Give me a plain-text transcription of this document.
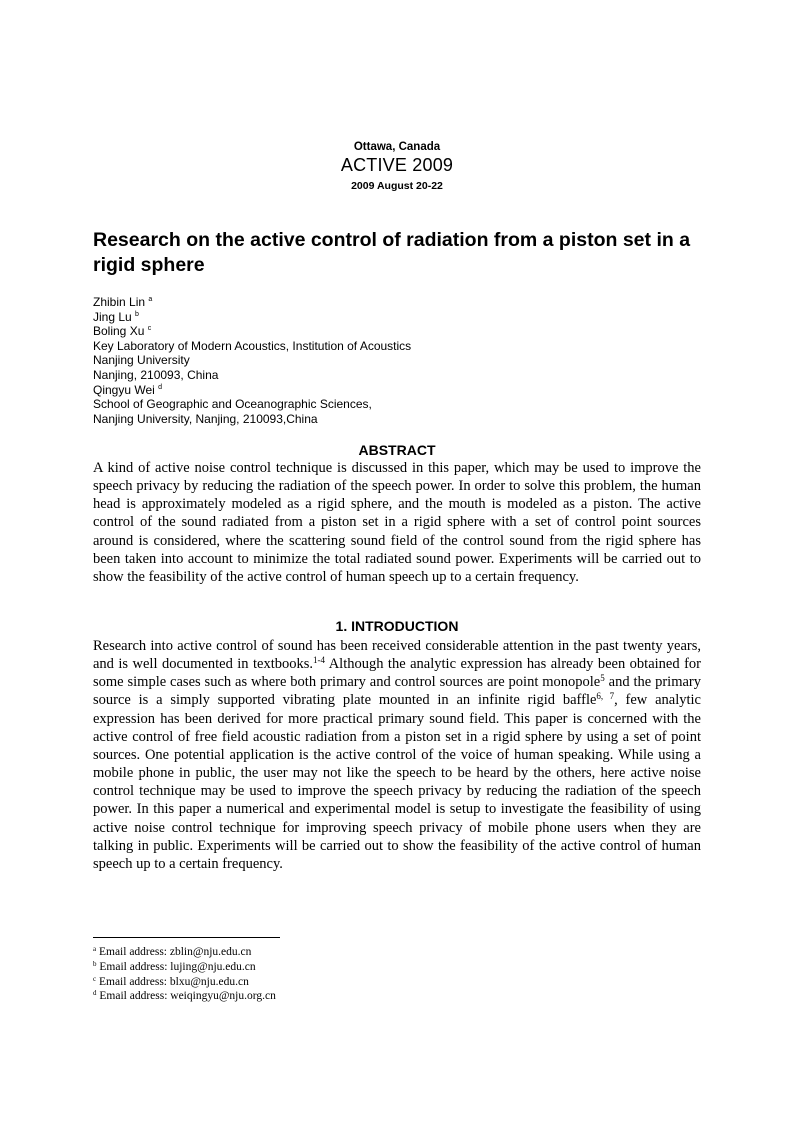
Ottawa, Canada
ACTIVE 2009
2009 August 20-22
Research on the active control of radiation from a piston set in a rigid sphere
Zhibin Lin $^a$
Jing Lu $^b$
Boling Xu $^c$
Key Laboratory of Modern Acoustics, Institution of Acoustics
Nanjing University
Nanjing, 210093, China
Qingyu Wei $^d$
School of Geographic and Oceanographic Sciences,
Nanjing University, Nanjing, 210093,China
ABSTRACT
A kind of active noise control technique is discussed in this paper, which may be used to improve the speech privacy by reducing the radiation of the speech power. In order to solve this problem, the human head is approximately modeled as a rigid sphere, and the mouth is modeled as a piston. The active control of the sound radiated from a piston set in a rigid sphere with a set of control point sources around is considered, where the scattering sound field of the control sound from the rigid sphere has been taken into account to minimize the total radiated sound power. Experiments will be carried out to show the feasibility of the active control of human speech up to a certain frequency.
1. INTRODUCTION
Research into active control of sound has been received considerable attention in the past twenty years, and is well documented in textbooks.$^{1-4}$ Although the analytic expression has already been obtained for some simple cases such as where both primary and control sources are point monopole$^5$ and the primary source is a simply supported vibrating plate mounted in an infinite rigid baffle$^{6, 7}$, few analytic expression has been derived for more practical primary sound field. This paper is concerned with the active control of free field acoustic radiation from a piston set in a rigid sphere by using a set of point sources. One potential application is the active control of the voice of human speaking. While using a mobile phone in public, the user may not like the speech to be heard by the others, here active noise control technique may be used to improve the speech privacy by reducing the radiation of the speech power. In this paper a numerical and experimental model is setup to investigate the feasibility of using active noise control technique for improving speech privacy of mobile phone users when they are talking in public. Experiments will be carried out to show the feasibility of the active control of human speech up to a certain frequency.
$^a$ Email address: zblin@nju.edu.cn
$^b$ Email address: lujing@nju.edu.cn
$^c$ Email address: blxu@nju.edu.cn
$^d$ Email address: weiqingyu@nju.org.cn
